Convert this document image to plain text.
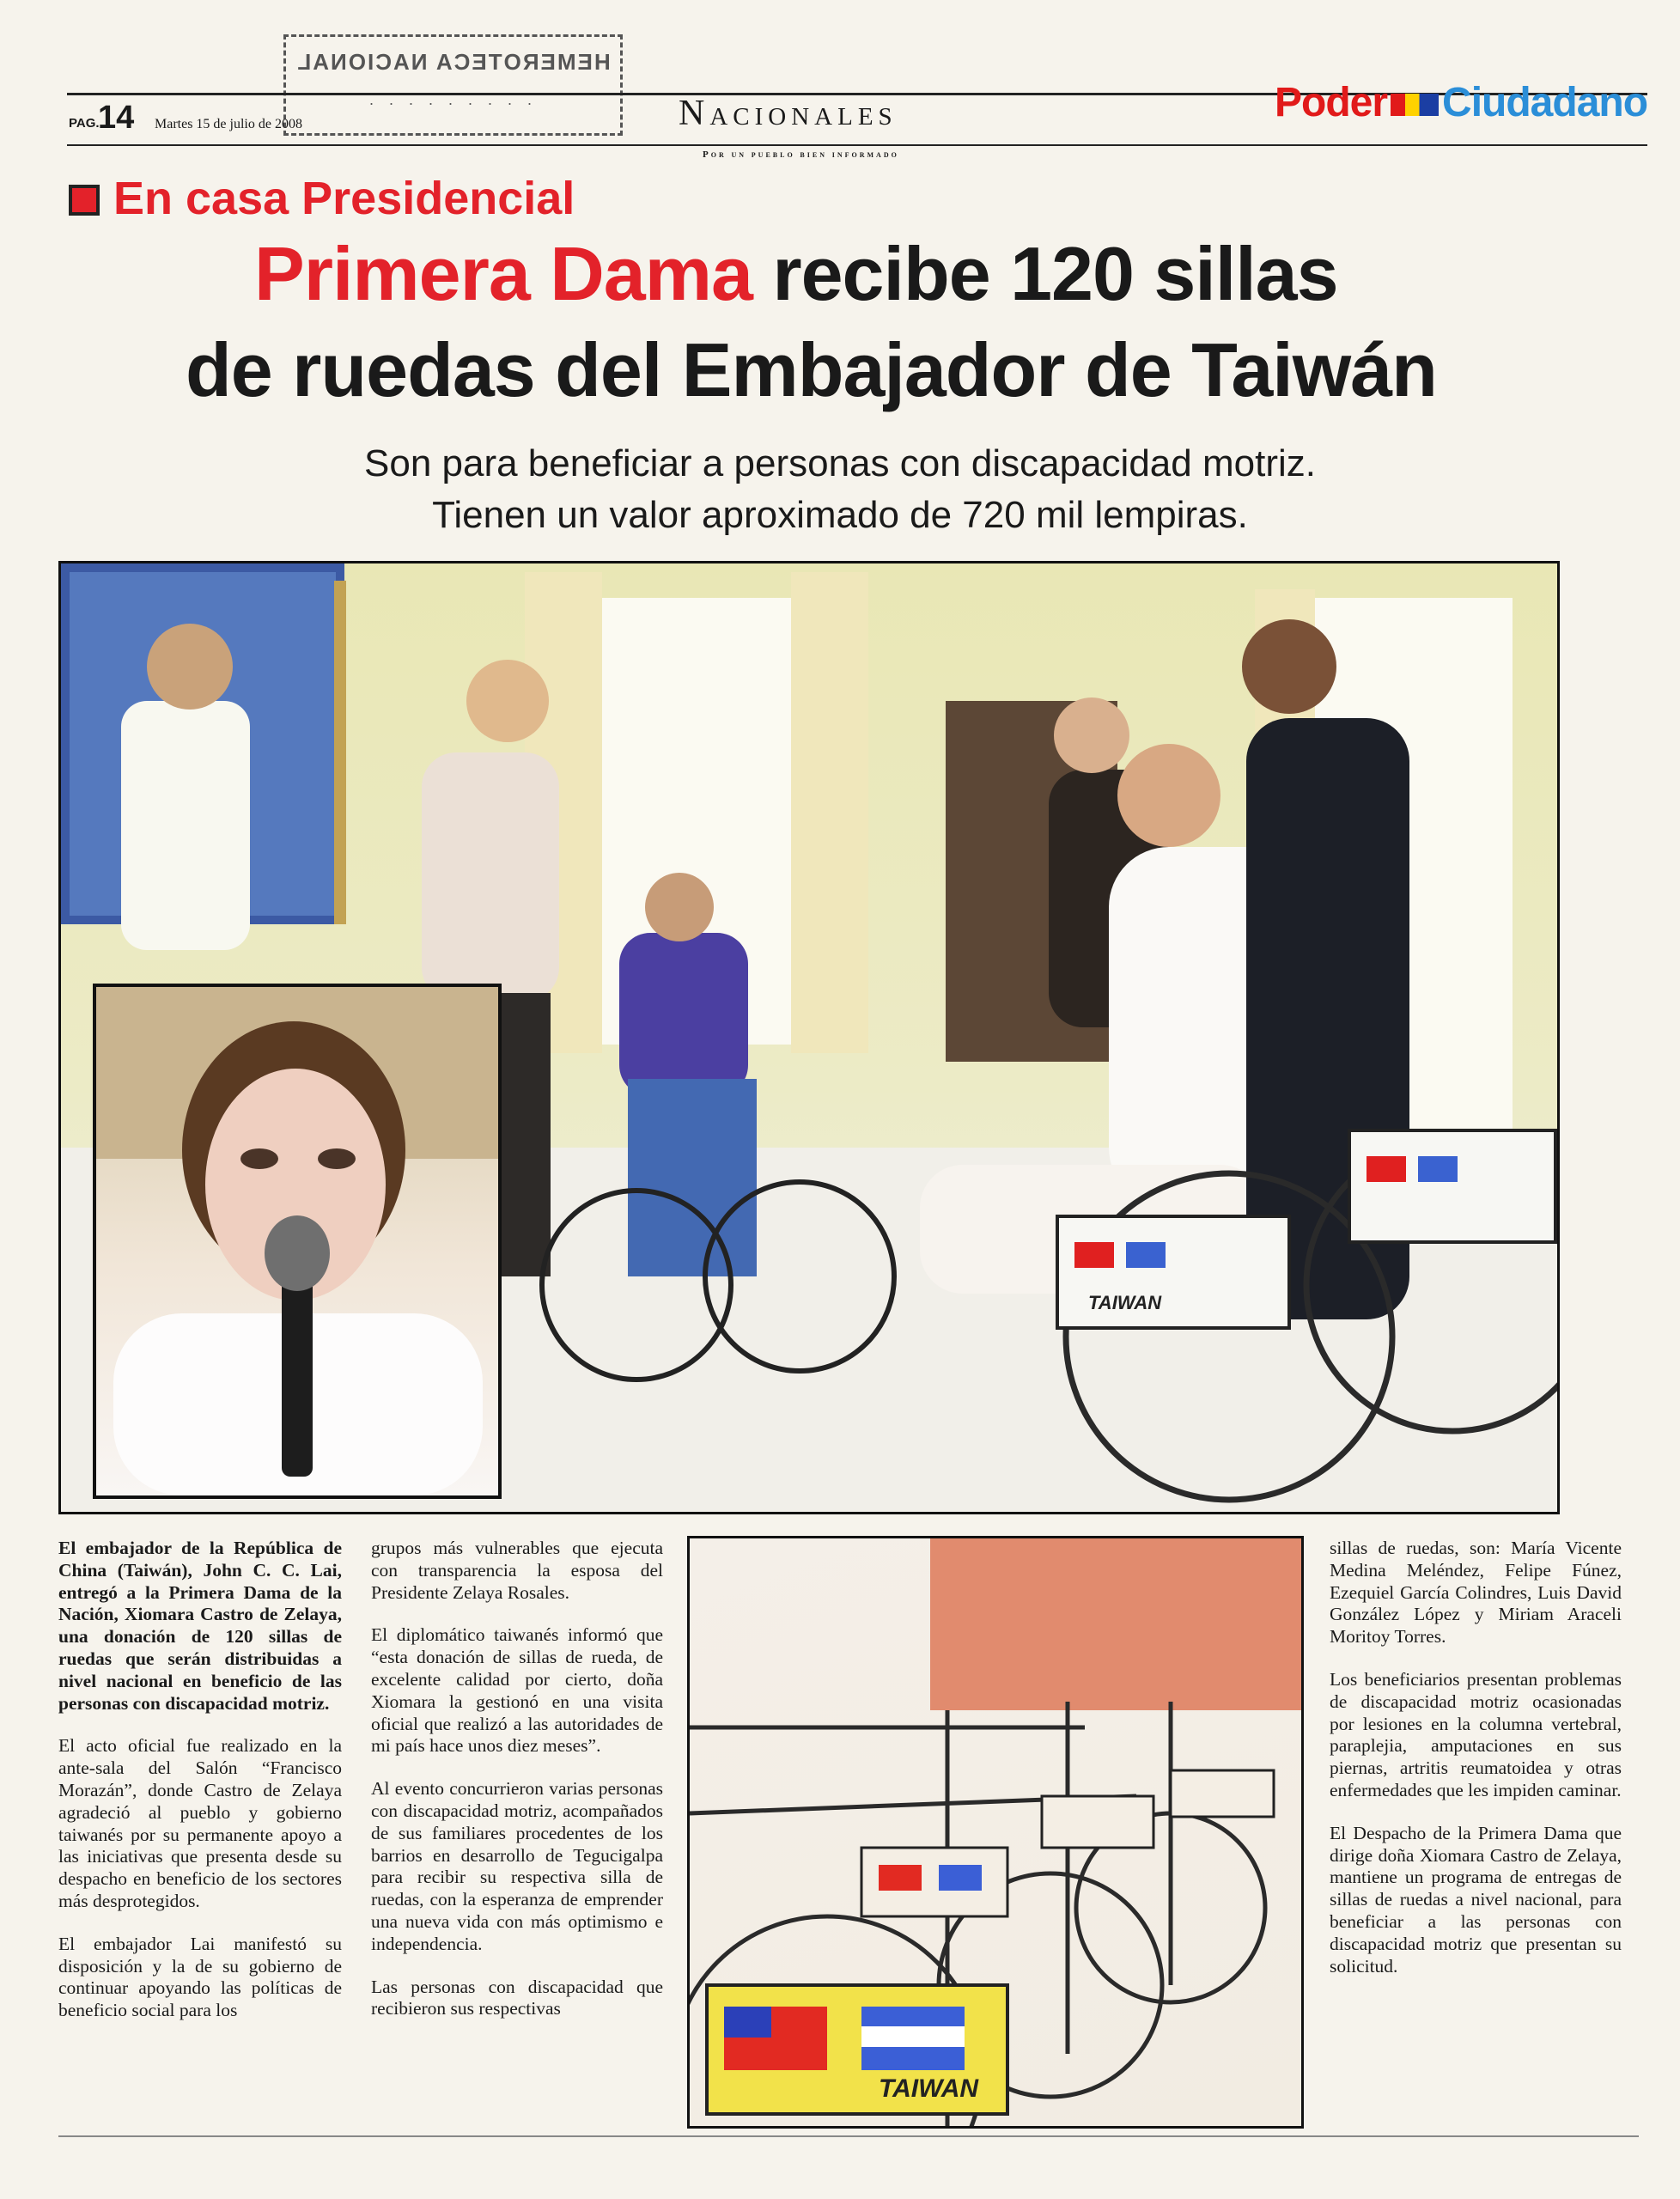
HEMEROTECA NACIONAL
· · · · · · · · ·
PAG.
14 Martes 15 de julio de 2008	Nacionales
Por un pueblo bien informado
Poder Ciudadano
En casa Presidencial
Primera Dama recibe 120 sillas
de ruedas del Embajador de Taiwán
Son para beneficiar a personas con discapacidad motriz.
Tienen un valor aproximado de 720 mil lempiras.
TAIWAN
TAIWAN

El embajador de la República de China (Taiwán), John C. C. Lai, entregó a la Primera Dama de la Nación, Xiomara Castro de Zelaya, una donación de 120 sillas de ruedas que serán distribuidas a nivel nacional en beneficio de las personas con discapacidad motriz.

El acto oficial fue realizado en la ante-sala del Salón “Francisco Morazán”, donde Castro de Zelaya agradeció al pueblo y gobierno taiwanés por su permanente apoyo a las iniciativas que presenta desde su despacho en beneficio de los sectores más desprotegidos.

El embajador Lai manifestó su disposición y la de su gobierno de continuar apoyando las políticas de beneficio social para los

grupos más vulnerables que ejecuta con transparencia la esposa del Presidente Zelaya Rosales.

El diplomático taiwanés informó que “esta donación de sillas de rueda, de excelente calidad por cierto, doña Xiomara la gestionó en una visita oficial que realizó a las autoridades de mi país hace unos diez meses”.

Al evento concurrieron varias personas con discapacidad motriz, acompañados de sus familiares procedentes de los barrios en desarrollo de Tegucigalpa para recibir su respectiva silla de ruedas, con la esperanza de emprender una nueva vida con más optimismo e independencia.

Las personas con discapacidad que recibieron sus respectivas

sillas de ruedas, son: María Vicente Medina Meléndez, Felipe Fúnez, Ezequiel García Colindres, Luis David González López y Miriam Araceli Moritoy Torres.

Los beneficiarios presentan problemas de discapacidad motriz ocasionadas por lesiones en la columna vertebral, paraplejia, amputaciones en sus piernas, artritis reumatoidea y otras enfermedades que les impiden caminar.

El Despacho de la Primera Dama que dirige doña Xiomara Castro de Zelaya, mantiene un programa de entregas de sillas de ruedas a nivel nacional, para beneficiar a las personas con discapacidad motriz que presentan su solicitud.
